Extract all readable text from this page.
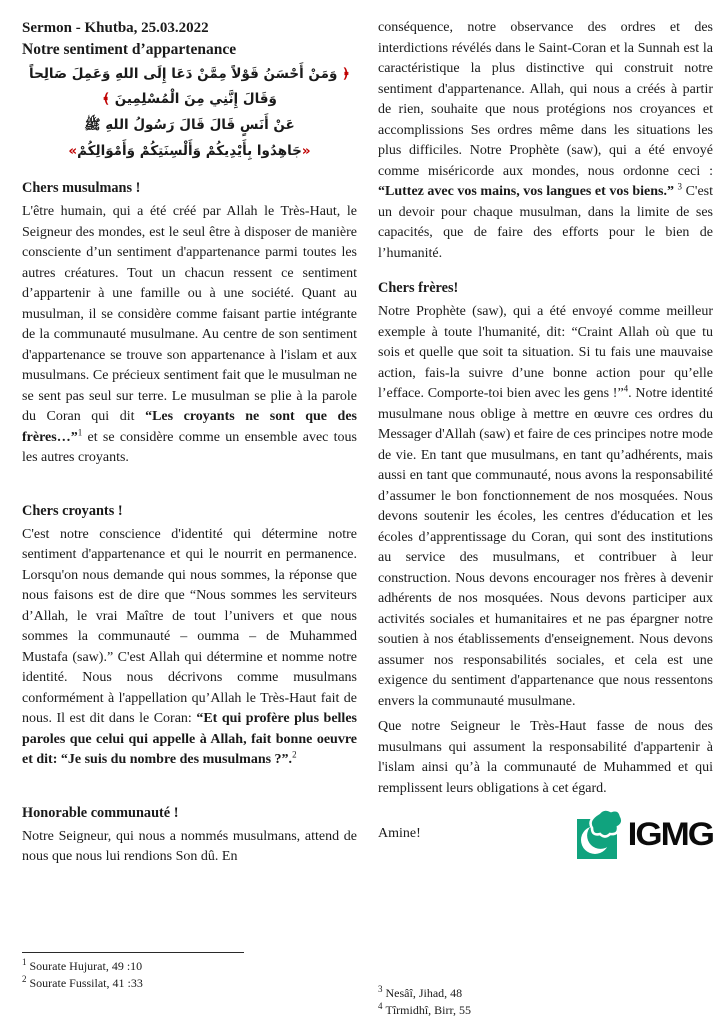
Sermon - Khutba, 25.03.2022
Notre sentiment d’appartenance
﴿ وَمَنْ أَحْسَنُ قَوْلاً مِمَّنْ دَعَا إِلَى اللهِ وَعَمِلَ صَالِحاً وَقَالَ إِنَّنِي مِنَ الْمُسْلِمِينَ ﴾
عَنْ أَنَسٍ قَالَ قَالَ رَسُولُ اللهِ ﷺ
«جَاهِدُوا بِأَيْدِيكُمْ وَأَلْسِنَتِكُمْ وَأَمْوَالِكُمْ»
Chers musulmans !

L'être humain, qui a été créé par Allah le Très-Haut, le Seigneur des mondes, est le seul être à disposer de manière consciente d’un sentiment d'appartenance parmi toutes les autres créatures. Tout un chacun ressent ce sentiment d’appartenir à une famille ou à une société. Quant au musulman, il se considère comme faisant partie intégrante de la communauté musulmane. Au centre de son sentiment d'appartenance se trouve son appartenance à l'islam et aux musulmans. Ce précieux sentiment fait que le musulman ne se sent pas seul sur terre. Le musulman se plie à la parole du Coran qui dit “Les croyants ne sont que des frères…”$^1$ et se considère comme un ensemble avec tous les autres croyants.

Chers croyants !

C'est notre conscience d'identité qui détermine notre sentiment d'appartenance et qui le nourrit en permanence. Lorsqu'on nous demande qui nous sommes, la réponse que nous faisons est de dire que “Nous sommes les serviteurs d’Allah, le vrai Maître de tout l’univers et que nous sommes la communauté – oumma – de Muhammed Mustafa (saw).” C'est Allah qui détermine et nomme notre identité. Nous nous décrivons comme musulmans conformément à l'appellation qu’Allah le Très-Haut fait de nous. Il est dit dans le Coran: “Et qui profère plus belles paroles que celui qui appelle à Allah, fait bonne oeuvre et dit: “Je suis du nombre des musulmans ?”.$^2$

Honorable communauté !

Notre Seigneur, qui nous a nommés musulmans, attend de nous que nous lui rendions Son dû. En

conséquence, notre observance des ordres et des interdictions révélés dans le Saint-Coran et la Sunnah est la caractéristique la plus distinctive qui construit notre sentiment d'appartenance. Allah, qui nous a créés à partir de rien, souhaite que nous protégions nos croyances et accomplissions Ses ordres même dans les situations les plus difficiles. Notre Prophète (saw), qui a été envoyé comme miséricorde aux mondes, nous ordonne ceci : “Luttez avec vos mains, vos langues et vos biens.” $^3$ C'est un devoir pour chaque musulman, dans la limite de ses capacités, que de faire des efforts pour le bien de l’humanité.

Chers frères!

Notre Prophète (saw), qui a été envoyé comme meilleur exemple à toute l'humanité, dit: “Craint Allah où que tu sois et quelle que soit ta situation. Si tu fais une mauvaise action, fais-la suivre d’une bonne action pour qu’elle l’efface. Comporte-toi bien avec les gens !”$^4$. Notre identité musulmane nous oblige à mettre en œuvre ces ordres du Messager d'Allah (saw) et faire de ces principes notre mode de vie. En tant que musulmans, en tant qu’adhérents, mais aussi en tant que communauté, nous avons la responsabilité d’assumer le bon fonctionnement de nos mosquées. Nous devons soutenir les écoles, les centres d'éducation et les écoles d’apprentissage du Coran, qui sont des institutions au service des musulmans, et contribuer à leur construction. Nous devons encourager nos frères à devenir adhérents de nos mosquées. Nous devons participer aux activités sociales et humanitaires et ne pas épargner notre soutien à nos établissements d'enseignement. Nous devons assumer nos responsabilités sociales, et cela est une exigence du sentiment d'appartenance que nous ressentons envers la communauté musulmane.

Que notre Seigneur le Très-Haut fasse de nous des musulmans qui assument la responsabilité d'appartenir à l'islam ainsi qu’à la communauté de Muhammed et qui remplissent leurs obligations à cet égard.

Amine!	IGMG
$^1$ Sourate Hujurat, 49 :10
$^2$ Sourate Fussilat, 41 :33	$^3$ Nesâî, Jihad, 48
$^4$ Tîrmidhî, Birr, 55
